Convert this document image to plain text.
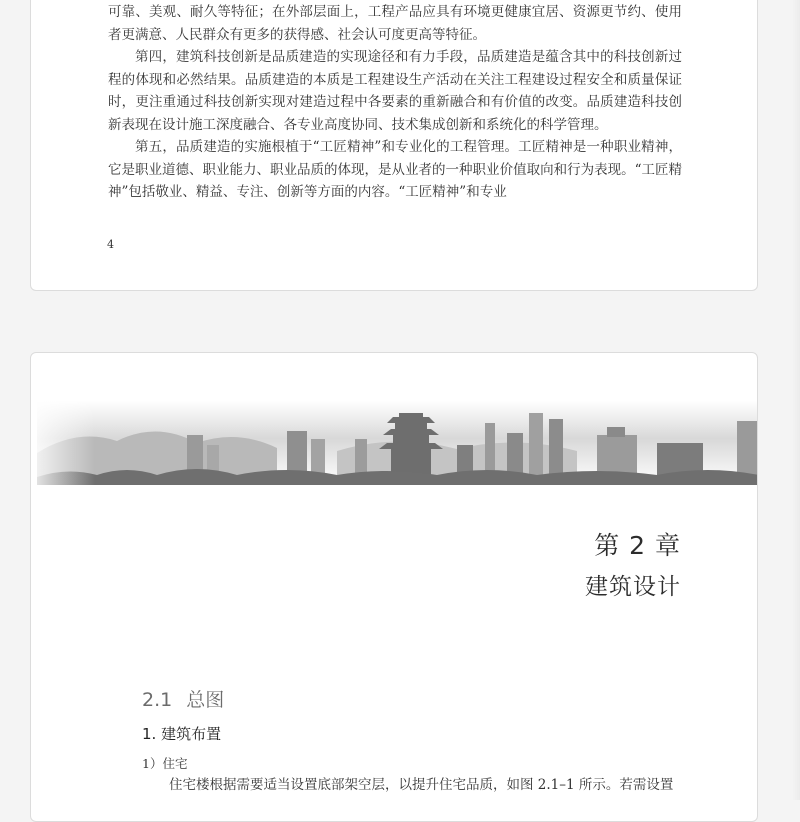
可靠、美观、耐久等特征；在外部层面上，工程产品应具有环境更健康宜居、资源更节约、使用者更满意、人民群众有更多的获得感、社会认可度更高等特征。

第四，建筑科技创新是品质建造的实现途径和有力手段，品质建造是蕴含其中的科技创新过程的体现和必然结果。品质建造的本质是工程建设生产活动在关注工程建设过程安全和质量保证时，更注重通过科技创新实现对建造过程中各要素的重新融合和有价值的改变。品质建造科技创新表现在设计施工深度融合、各专业高度协同、技术集成创新和系统化的科学管理。

第五，品质建造的实施根植于“工匠精神”和专业化的工程管理。工匠精神是一种职业精神，它是职业道德、职业能力、职业品质的体现，是从业者的一种职业价值取向和行为表现。“工匠精神”包括敬业、精益、专注、创新等方面的内容。“工匠精神”和专业

4
第 2 章
建筑设计
2.1 总图
1. 建筑布置
1）住宅

住宅楼根据需要适当设置底部架空层，以提升住宅品质，如图 2.1–1 所示。若需设置
